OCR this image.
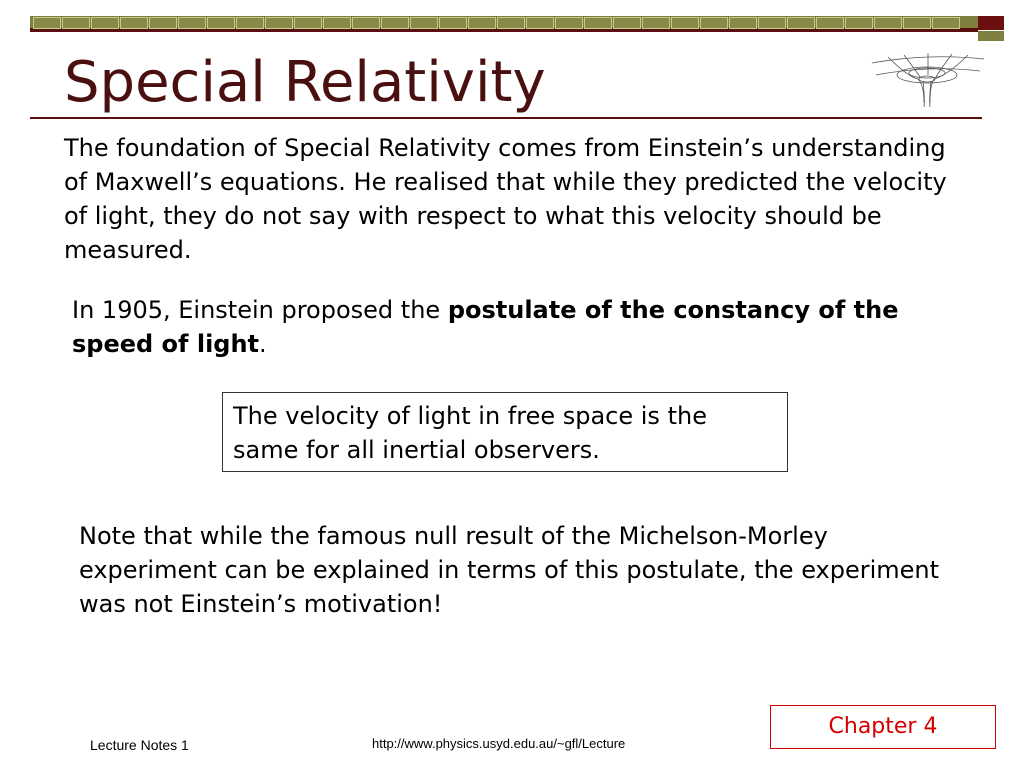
Special Relativity

The foundation of Special Relativity comes from Einstein’s understanding of Maxwell’s equations. He realised that while they predicted the velocity of light, they do not say with respect to what this velocity should be measured.

In 1905, Einstein proposed the postulate of the constancy of the speed of light.

The velocity of light in free space is the same for all inertial observers.

Note that while the famous null result of the Michelson-Morley experiment can be explained in terms of this postulate, the experiment was not Einstein’s motivation!

Chapter 4
Lecture Notes 1	http://www.physics.usyd.edu.au/~gfl/Lecture
